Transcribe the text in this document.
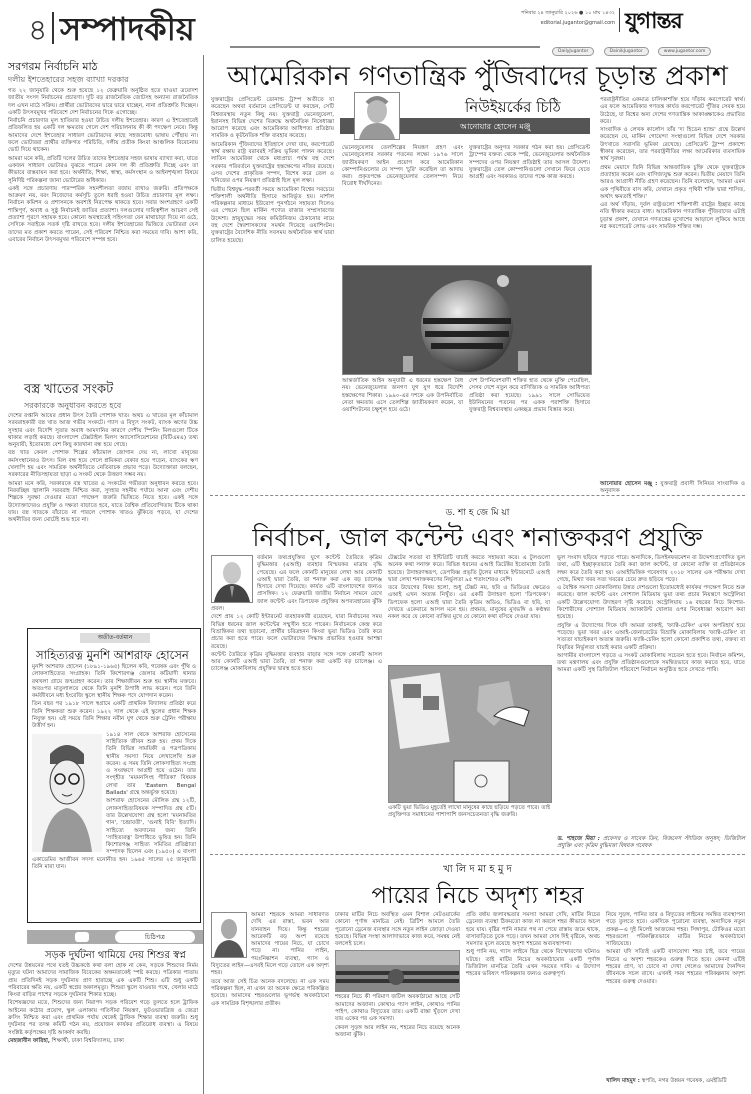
৪ সম্পাদকীয়	শনিবার ২৪ জানুয়ারি ২০২৬ ● ১০ মাঘ ১৪৩২
editorial.jugantor@gmail.com যুগান্তর
DailyJugantor	DainikJugantor	www.jugantor.com
সরগরম নির্বাচনি মাঠ
দলীয় ইশতেহারের সহজ ব্যাখ্যা দরকার

গত ২২ জানুয়ারি থেকে শুরু হয়েছে ১২ ফেব্রুয়ারি অনুষ্ঠিত হতে যাওয়া ত্রয়োদশ জাতীয় সংসদ নির্বাচনের প্রচারণা। দুটি বড় রাজনৈতিক জোটসহ অন্যান্য রাজনৈতিক দল এখন মাঠে সক্রিয়। প্রার্থীরা ভোটারদের দ্বারে দ্বারে যাচ্ছেন, নানা প্রতিশ্রুতি দিচ্ছেন। একটি উৎসবমুখর পরিবেশে দেশ নির্বাচনের দিকে এগোচ্ছে।

নির্বাচনি প্রচারণার মূল হাতিয়ার হওয়া উচিত দলীয় ইশতেহার। কারণ এ ইশতেহারেই প্রতিফলিত হয় একটি দল ক্ষমতায় গেলে দেশ পরিচালনায় কী কী পদক্ষেপ নেবে। কিন্তু আমাদের দেশে ইশতেহার সাধারণ ভোটারদের কাছে সহজবোধ্য ভাষায় পৌঁছায় না। ফলে ভোটাররা প্রার্থীর ব্যক্তিগত পরিচিতি, দলীয় প্রতীক কিংবা আঞ্চলিক বিবেচনায় ভোট দিয়ে থাকেন।

আমরা মনে করি, প্রতিটি দলের উচিত তাদের ইশতেহার সহজ ভাষায় ব্যাখ্যা করা, যাতে একজন সাধারণ ভোটারও বুঝতে পারেন কোন দল কী প্রতিশ্রুতি দিচ্ছে এবং তা কীভাবে বাস্তবায়ন করা হবে। অর্থনীতি, শিক্ষা, স্বাস্থ্য, কর্মসংস্থান ও আইনশৃঙ্খলা বিষয়ে সুনির্দিষ্ট পরিকল্পনা জানা ভোটারের অধিকার।

একই সঙ্গে প্রচারণায় পারস্পরিক সহনশীলতা বজায় রাখাও জরুরি। প্রতিপক্ষকে আক্রমণ নয়, বরং নিজেদের কর্মসূচি তুলে ধরাই হওয়া উচিত প্রচারণার মূল লক্ষ্য। নির্বাচন কমিশন ও প্রশাসনকে অবশ্যই নিরপেক্ষ থাকতে হবে। সবার অংশগ্রহণে একটি শান্তিপূর্ণ, অবাধ ও সুষ্ঠু নির্বাচনই জাতির প্রত্যাশা। দলগুলোর দায়িত্বশীল আচরণ সেই প্রত্যাশা পূরণে সহায়ক হবে। কোনো অবস্থাতেই সহিংসতা যেন মাথাচাড়া দিয়ে না ওঠে, সেদিকে সবাইকে সতর্ক দৃষ্টি রাখতে হবে। দলীয় ইশতেহারের ভিত্তিতে ভোটাররা যেন তাদের মত প্রকাশ করতে পারেন, সেই পরিবেশ নিশ্চিত করা সময়ের দাবি। আশা করি, এবারের নির্বাচন উৎসবমুখর পরিবেশে সম্পন্ন হবে।

বস্ত্র খাতের সংকট
সরকারকে অনুধাবন করতে হবে

দেশের রপ্তানি আয়ের প্রধান উৎস তৈরি পোশাক খাত। অথচ এ খাতের মূল কাঁচামাল সরবরাহকারী বস্ত্র খাত আজ গভীর সংকটে। গ্যাস ও বিদ্যুৎ সংকট, ব্যাংক ঋণের উচ্চ সুদহার এবং বিদেশি সুতার অবাধ আমদানির কারণে দেশীয় স্পিনিং মিলগুলো টিকে থাকার লড়াই করছে। বাংলাদেশ টেক্সটাইল মিলস অ্যাসোসিয়েশনের (বিটিএমএ) তথ্য অনুযায়ী, ইতোমধ্যে বেশ কিছু কারখানা বন্ধ হয়ে গেছে।

বস্ত্র খাত কেবল পোশাক শিল্পের কাঁচামাল জোগান দেয় না, লাখো মানুষের কর্মসংস্থানেরও উৎস। মিল বন্ধ হয়ে গেলে শ্রমিকরা বেকার হয়ে পড়েন, ব্যাংকের ঋণ খেলাপি হয় এবং সামগ্রিক অর্থনীতিতে নেতিবাচক প্রভাব পড়ে। উদ্যোক্তারা বলছেন, সরকারের নীতিসহায়তা ছাড়া এ সংকট থেকে উত্তরণ সম্ভব নয়।

আমরা মনে করি, সরকারকে বস্ত্র খাতের এ সংকটের গভীরতা অনুধাবন করতে হবে। নিরবচ্ছিন্ন জ্বালানি সরবরাহ নিশ্চিত করা, সুদহার সহনীয় পর্যায়ে আনা এবং দেশীয় শিল্পকে সুরক্ষা দেওয়ার মতো পদক্ষেপ জরুরি ভিত্তিতে নিতে হবে। একই সঙ্গে উদ্যোক্তাদেরও প্রযুক্তি ও দক্ষতা বাড়াতে হবে, যাতে বৈশ্বিক প্রতিযোগিতায় টিকে থাকা যায়। বস্ত্র খাতকে বাঁচাতে না পারলে পোশাক খাতও ঝুঁকিতে পড়বে, যা দেশের অর্থনীতির জন্য মোটেই শুভ হবে না।

অতীত-বর্তমান
সাহিত্যরত্ন মুনশি আশরাফ হোসেন

মুনশি আশরাফ হোসেন (১৮৯১-১৯৬৫) ছিলেন কবি, গবেষক এবং পুঁথি ও লোকসাহিত্যের সংগ্রাহক। তিনি কিশোরগঞ্জ জেলার কটিয়াদী থানার রথখলা গ্রামে জন্মগ্রহণ করেন। তার শিক্ষাজীবন শুরু হয় স্থানীয় মক্তবে। অতঃপর মাতুলালয়ে থেকে তিনি মুনশি উপাধি লাভ করেন। পরে তিনি কর্মজীবনে মধ্য ইংরেজি স্কুলে স্থানীয় শিক্ষক পদে যোগদান করেন।

তিন বছর পর ১৯১৮ সালে স্বগ্রামে একটি প্রাথমিক বিদ্যালয় প্রতিষ্ঠা করে তিনি শিক্ষকতা শুরু করেন। ১৯২২ সাল থেকে এই স্কুলের প্রধান শিক্ষক নিযুক্ত হন। এই সময়ে তিনি শিক্ষার নবীন যুগ থেকে শুরু ট্রেনিং পরীক্ষায় উত্তীর্ণ হন।

১৯১৪ সাল থেকে আশরাফ হোসেনের সাহিত্যিক জীবন শুরু হয়। প্রথম দিকে তিনি বিভিন্ন সাময়িকী ও পত্রপত্রিকায় স্থানীয় সমস্যা নিয়ে লেখালেখি শুরু করেন। এ সময় তিনি লোকসাহিত্য সংগ্রহ ও সংরক্ষণে আগ্রহী হয়ে ওঠেন। তার সংগৃহীত 'ময়মনসিংহ গীতিকা' বিষয়ক লেখা তার 'Eastern Bengal Ballads' গ্রন্থে অন্তর্ভুক্ত হয়েছে।

আশরাফ হোসেনের মৌলিক গ্রন্থ ১২টি, লোকসাহিত্যবিষয়ক সম্পাদিত গ্রন্থ ৫টি। তার উল্লেখযোগ্য গ্রন্থ হলো 'ময়নামতির গান', 'চন্দ্রাবতী', 'গুনাই বিবি' ইত্যাদি। সাহিত্যে অবদানের জন্য তিনি 'সাহিত্যরত্ন' উপাধিতে ভূষিত হন। তিনি কিশোরগঞ্জ সাহিত্য সমিতির প্রতিষ্ঠাতা সম্পাদক ছিলেন এবং (১৯৫০) এ বাংলা একাডেমির আজীবন সদস্য মনোনীত হন। ১৯৬৫ সালের ২৫ জানুয়ারি তিনি মারা যান।

চিঠিপত্র
সড়ক দুর্ঘটনা থামিয়ে দেয় শিশুর স্বপ্ন

দেশের উন্নয়নের পথে যতই উচ্চকণ্ঠে কথা বলা হোক না কেন, সড়কে শিশুদের নির্মম মৃত্যুর ঘটনা আমাদের সামাজিক বিবেকের অক্ষমতাকেই স্পষ্ট করছে। পত্রিকার পাতায় প্রায় প্রতিদিনই সড়ক দুর্ঘটনায় প্রাণ হারাচ্ছে এক একটি শিশু। এটি শুধু একটি পরিবারের ক্ষতি নয়, একটি স্বপ্নের অকালমৃত্যু। শিশুরা স্কুলে যাওয়ার পথে, খেলার মাঠে কিংবা বাড়ির পাশের সড়কে দুর্ঘটনার শিকার হচ্ছে।

বিশেষজ্ঞদের মতে, শিশুদের জন্য নিরাপদ সড়ক পরিবেশ গড়ে তুলতে হলে ট্রাফিক আইনের কঠোর প্রয়োগ, স্কুল এলাকায় গতিসীমা নিয়ন্ত্রণ, ফুটওভারব্রিজ ও জেব্রা ক্রসিং নিশ্চিত করা এবং প্রাথমিক পর্যায় থেকেই ট্রাফিক শিক্ষার ব্যবস্থা জরুরি। শুধু দুর্ঘটনার পর তদন্ত কমিটি গঠন নয়, প্রয়োজন কার্যকর প্রতিরোধ ব্যবস্থা। এ বিষয়ে সংশ্লিষ্ট কর্তৃপক্ষের দৃষ্টি আকর্ষণ করছি।

মেহজাবীন ফারিহা, শিক্ষার্থী, ঢাকা বিশ্ববিদ্যালয়, ঢাকা

আমেরিকান গণতান্ত্রিক পুঁজিবাদের চূড়ান্ত প্রকাশ

যুক্তরাষ্ট্রের প্রেসিডেন্ট ডোনাল্ড ট্রাম্প অতীতে যা করেছেন অথবা বর্তমানে প্রেসিডেন্ট যা করছেন, সেটি বিশ্বব্যবস্থায় নতুন কিছু নয়। যুক্তরাষ্ট্র ভেনেজুয়েলা, ইরানসহ বিভিন্ন দেশের বিরুদ্ধে অর্থনৈতিক নিষেধাজ্ঞা আরোপ করেছে এবং আমেরিকার আধিপত্য প্রতিষ্ঠায় সামরিক ও কূটনৈতিক শক্তি ব্যবহার করেছে।

আমেরিকান পুঁজিবাদের ইতিহাসে দেখা যায়, করপোরেট স্বার্থ রক্ষায় রাষ্ট্র বরাবরই সক্রিয় ভূমিকা পালন করেছে। লাতিন আমেরিকা থেকে মধ্যপ্রাচ্য পর্যন্ত বহু দেশে সরকার পরিবর্তনে যুক্তরাষ্ট্রের হস্তক্ষেপের নজির রয়েছে। এসব দেশের প্রাকৃতিক সম্পদ, বিশেষ করে তেল ও খনিজের ওপর নিয়ন্ত্রণ প্রতিষ্ঠাই ছিল মূল লক্ষ্য।

দ্বিতীয় বিশ্বযুদ্ধ-পরবর্তী সময়ে আমেরিকা বিশ্বের সবচেয়ে শক্তিশালী অর্থনীতি হিসাবে আবির্ভূত হয়। মার্শাল পরিকল্পনার মাধ্যমে ইউরোপ পুনর্গঠনে সহায়তা দিলেও এর পেছনে ছিল মার্কিন পণ্যের বাজার সম্প্রসারণের উদ্দেশ্য। স্নায়ুযুদ্ধের সময় কমিউনিজম ঠেকানোর নামে বহু দেশে স্বৈরশাসকদের সমর্থন দিয়েছে ওয়াশিংটন। যুক্তরাষ্ট্রের বৈদেশিক নীতি সবসময় অর্থনৈতিক স্বার্থ দ্বারা চালিত হয়েছে।

আনোয়ার হোসেন মঞ্জু
নিউইয়র্কের চিঠি

ভেনেজুয়েলার তেলশিল্পের নিয়ন্ত্রণ গ্রহণ এবং ভেনেজুয়েলার সরকার পতনের লক্ষ্যে ১৯৭৬ সালে জাতীয়করণ আইন প্রয়োগ করে আমেরিকান কোম্পানিগুলোর যে সম্পদ 'চুরি' করেছিল তা আদায় করা। প্রকৃতপক্ষে ভেনেজুয়েলার তেলসম্পদ নিয়ে বিরোধ দীর্ঘদিনের।

যুক্তরাষ্ট্রের অনুগত সরকার গঠন করা হয়। প্রেসিডেন্ট ট্রাম্পের বক্তব্য থেকে স্পষ্ট, ভেনেজুয়েলার অর্থনৈতিক সম্পদের ওপর নিয়ন্ত্রণ প্রতিষ্ঠাই তার আসল উদ্দেশ্য। যুক্তরাষ্ট্রের তেল কোম্পানিগুলো সেখানে ফিরে যেতে আগ্রহী এবং সরকারও তাদের পক্ষে কাজ করছে।

আন্তর্জাতিক আইন অনুযায়ী এ ধরনের হস্তক্ষেপ বৈধ নয়। ভেনেজুয়েলার জনগণ যুগ যুগ ধরে বিদেশি হস্তক্ষেপের শিকার। ১৯৯০-এর দশকে এক উপনির্বাচিত নেতা ক্ষমতায় এসে তেলশিল্প জাতীয়করণ করেন, যা ওয়াশিংটনের চক্ষুশূল হয়ে ওঠে।

দেশ উপনিবেশবাদী শক্তির হাত থেকে মুক্তি পেয়েছিল, সেসব দেশে নতুন করে বাণিজ্যিক ও সামরিক আধিপত্য প্রতিষ্ঠা করা হয়েছে। ১৯৯১ সালে সোভিয়েত ইউনিয়নের পতনের পর একক পরাশক্তি হিসাবে যুক্তরাষ্ট্র বিশ্বব্যবস্থায় একচ্ছত্র প্রভাব বিস্তার করে।

পররাষ্ট্রনীতির একমাত্র চালিকাশক্তি হয়ে দাঁড়ায় করপোরেট স্বার্থ। এর ফলে আমেরিকার গণতন্ত্র কার্যত করপোরেট পুঁজির সেবক হয়ে উঠেছে, যা বিশ্বের অন্য দেশের গণতান্ত্রিক আকাঙ্ক্ষাকেও প্রভাবিত করে।

সাংবাদিক ও লেখক কার্লোস তাঁর 'দ্য হিডেন হ্যান্ড' গ্রন্থে উল্লেখ করেছেন যে, মার্কিন গোয়েন্দা সংস্থাগুলো বিভিন্ন দেশে সরকার উৎখাতে সরাসরি ভূমিকা রেখেছে। প্রেসিডেন্ট ট্রাম্প প্রকাশ্যে স্বীকার করেছেন, তার পররাষ্ট্রনীতির লক্ষ্য আমেরিকার ব্যবসায়িক স্বার্থ সুরক্ষা।

প্রথম মেয়াদে তিনি বিভিন্ন আন্তর্জাতিক চুক্তি থেকে যুক্তরাষ্ট্রকে প্রত্যাহার করেন এবং বাণিজ্যযুদ্ধ শুরু করেন। দ্বিতীয় মেয়াদে তিনি আরও আগ্রাসী নীতি গ্রহণ করেছেন। তিনি বলেছেন, 'আমরা এমন এক পৃথিবীতে বাস করি, যেখানে প্রকৃত পৃথিবী শক্তি দ্বারা শাসিত, অর্থাৎ ক্ষমতাই শক্তি।'

এর অর্থ দাঁড়ায়, দুর্বল রাষ্ট্রগুলো শক্তিশালী রাষ্ট্রের ইচ্ছার কাছে নতি স্বীকার করতে বাধ্য। আমেরিকান গণতান্ত্রিক পুঁজিবাদের এটাই চূড়ান্ত প্রকাশ, যেখানে গণতন্ত্রের মুখোশের আড়ালে লুকিয়ে আছে নগ্ন করপোরেট লোভ এবং সামরিক শক্তির দম্ভ।

আনোয়ার হোসেন মঞ্জু : যুক্তরাষ্ট্র প্রবাসী সিনিয়র সাংবাদিক ও অনুবাদক
ড. শা হ জে মি য়া
নির্বাচন, জাল কন্টেন্ট এবং শনাক্তকরণ প্রযুক্তি

বর্তমান তথ্যপ্রযুক্তির যুগে কন্টেন্ট তৈরিতে কৃত্রিম বুদ্ধিমত্তার (এআই) ব্যবহার বিস্ময়কর মাত্রায় বৃদ্ধি পেয়েছে। এর ফলে কোনটি মানুষের লেখা আর কোনটি এআই দ্বারা তৈরি, তা শনাক্ত করা এক বড় চ্যালেঞ্জ হিসাবে দেখা দিয়েছে। কার্যত এটি বাংলাদেশের জন্যও প্রাসঙ্গিক। ১২ ফেব্রুয়ারি জাতীয় নির্বাচন সামনে রেখে জাল কন্টেন্ট এবং ডিপফেক প্রযুক্তির অপব্যবহারের ঝুঁকি প্রবল।

দেশে প্রায় ১২ কোটি ইন্টারনেট ব্যবহারকারী রয়েছেন, যারা নির্বাচনের সময় বিভিন্ন ধরনের জাল কন্টেন্টের সম্মুখীন হতে পারেন। নির্বাচনকে কেন্দ্র করে বিভ্রান্তিকর তথ্য ছড়ানো, প্রার্থীর চরিত্রহনন কিংবা ভুয়া ভিডিও তৈরি করে প্রচার করা হতে পারে। ফলে ভোটারদের সিদ্ধান্ত প্রভাবিত হওয়ার আশঙ্কা রয়েছে।

কন্টেন্ট তৈরিতে কৃত্রিম বুদ্ধিমত্তার ব্যবহার বাড়ার সঙ্গে সঙ্গে কোনটি আসল আর কোনটি এআই দ্বারা তৈরি, তা শনাক্ত করা একটি বড় চ্যালেঞ্জ। এ চ্যালেঞ্জ মোকাবিলায় প্রযুক্তির দ্বারস্থ হতে হবে।

টেক্সটের সততা বা ইন্টিগ্রিটি যাচাই করতে সহায়তা করে। এ টুলগুলো অনেক কথা সনাক্ত করে। বিভিন্ন ধরনের এআই ডিটেক্টর ইতোমধ্যে তৈরি হয়েছে। উদাহরণস্বরূপ, ডেপফিক্স প্রভৃতি টুলের মাধ্যমে ইন্টারনেটে এআই দ্বারা লেখা শনাক্তকরণের নির্ভুলতা ৯৫ শতাংশেরও বেশি।

তবে উদ্বেগের বিষয় হলো, শুধু টেক্সট নয়, ছবি ও ভিডিওর ক্ষেত্রেও এআই এখন অত্যন্ত নিখুঁত। এর একটি উদাহরণ হলো 'ডিপফেক'। ডিপফেক হলো এআই দ্বারা তৈরি কৃত্রিম অডিও, ভিডিও বা ছবি, যা দেখতে একেবারে আসল মনে হয়। প্রথমত, মানুষের মুখভঙ্গি ও কণ্ঠস্বর নকল করে যে কোনো ব্যক্তির মুখে যে কোনো কথা বসিয়ে দেওয়া যায়।

একটি ভুয়া ভিডিও মুহূর্তেই লাখো মানুষের কাছে ছড়িয়ে পড়তে পারে। তাই প্রযুক্তিগত সমাধানের পাশাপাশি জনসচেতনতা বৃদ্ধি জরুরি।

ভুল সংবাদ ছড়িয়ে পড়তে পারে। অন্যদিকে, ডিসইনফরমেশন বা উদ্দেশ্যপ্রণোদিত ভুল তথ্য, এটি ইচ্ছাকৃতভাবে তৈরি করা জাল কন্টেন্ট, যা কোনো ব্যক্তি বা প্রতিষ্ঠানকে লক্ষ্য করে তৈরি করা হয়। এআইভিত্তিক গবেষণায় ২০১৮ সালের এক পরীক্ষায় দেখা গেছে, মিথ্যা খবর সত্য খবরের চেয়ে দ্রুত ছড়িয়ে পড়ে।

এ বৈশ্বিক সমস্যা মোকাবিলায় উন্নত দেশগুলো ইতোমধ্যেই কার্যকর পদক্ষেপ নিতে শুরু করেছে। জাল কন্টেন্ট এবং সোশ্যাল মিডিয়ায় ভুয়া তথ্য প্রচার নিয়ন্ত্রণে অস্ট্রেলিয়া একটি উল্লেখযোগ্য উদাহরণ সৃষ্টি করেছে। অস্ট্রেলিয়ায় ১৬ বছরের নিচে কিশোর-কিশোরীদের সোশ্যাল মিডিয়ায় অ্যাকাউন্ট খোলার ওপর নিষেধাজ্ঞা আরোপ করা হয়েছে।

প্রযুক্তি এ উদ্যোগের দিকে যদি আমরা তাকাই, 'ফ্যাক্ট-চেকিং' এখন অপরিহার্য হয়ে পড়েছে। ভুয়া খবর এবং এআই-জেনারেটেড বিভ্রান্তি মোকাবিলায় 'ফ্যাক্ট-চেকিং' বা সত্যতা যাচাইকরণ অত্যন্ত জরুরি। ফ্যাক্ট-চেকিং হলো কোনো প্রকাশিত তথ্য, বক্তব্য বা বিবৃতির নির্ভুলতা যাচাই করার একটি প্রক্রিয়া।

আগামীর বাংলাদেশ গড়তে এ সংকট মোকাবিলায় সচেতন হতে হবে। নির্বাচন কমিশন, তথ্য মন্ত্রণালয় এবং প্রযুক্তি প্রতিষ্ঠানগুলোকে সমন্বিতভাবে কাজ করতে হবে, যাতে আমরা একটি সুস্থ ডিজিটাল পরিবেশে নির্বাচন অনুষ্ঠিত হতে দেখতে পারি।

ড. শাহজে মিয়া : প্রফেসর ও সাবেক ডিন, বিজনেস স্টাডিজ অনুষদ; ডিজিটাল প্রযুক্তি এবং কৃত্রিম বুদ্ধিমত্তা বিষয়ক গবেষক
খা লি দ মা হ মু দ
পায়ের নিচে অদৃশ্য শহর

আমরা শহরকে আমরা সাধারণত দেখি এর রাস্তা, ভবন আর যানবাহন দিয়ে। কিন্তু শহরের আরেকটি বড় অংশ রয়েছে আমাদের পায়ের নিচে, যা চোখে পড়ে না। পানির লাইন, পয়ঃনিষ্কাশন ব্যবস্থা, গ্যাস ও বিদ্যুতের লাইন—এসবই মিলে গড়ে তোলে এক অদৃশ্য শহর।

তবে আজ সেই চিত্র অনেক বদলেছে। না এক সময় পরিকল্পনা ছিল, না এখন তা অনেক ক্ষেত্রে পরিকল্পিত হয়েছে। আমাদের শহরগুলোর ভূগর্ভস্থ অবকাঠামো এক সামগ্রিক বিশৃঙ্খলার প্রতীক।

ঢাকার মাটির নিচে অবস্থিত এমন বিশাল নেটওয়ার্কের কোনো পূর্ণাঙ্গ মানচিত্র নেই। ব্রিটিশ আমলে তৈরি পুরোনো ড্রেনেজ ব্যবস্থার সঙ্গে নতুন লাইন জোড়া দেওয়া হয়েছে। বিভিন্ন সংস্থা আলাদাভাবে কাজ করে, সমন্বয় নেই বললেই চলে।

শহরের নিচে কী পরিমাণ জটিল অবকাঠামো আছে সেটি আমাদের অজানা। কোথাও গ্যাস লাইন, কোথাও পানির পাইপ, কোথাও বিদ্যুতের তার। একটি রাস্তা খুঁড়লে দেখা যায় একের পর এক সমস্যা।

কেবল সুড়ঙ্গ আর লাইন নয়, শহরের নিচে রয়েছে অনেক অজানা ঝুঁকি।

প্রতি বর্ষায় জলাবদ্ধতার সমস্যা আমরা দেখি, মাটির নিচের ড্রেনেজ ব্যবস্থা ঠিকমতো কাজ না করলে শহর কীভাবে অচল হয়ে যায়। বৃষ্টির পানি নামার পথ না পেয়ে রাস্তায় জমে থাকে, বাসাবাড়িতে ঢুকে পড়ে। তখন আমরা দোষ দিই বৃষ্টিকে, অথচ সমস্যার মূলে রয়েছে অদৃশ্য শহরের অব্যবস্থাপনা।

শুধু পানি নয়, গ্যাস লাইনে ছিদ্র থেকে বিস্ফোরণের ঘটনাও ঘটছে। তাই মাটির নিচের অবকাঠামোর একটি পূর্ণাঙ্গ ডিজিটাল মানচিত্র তৈরি এখন সময়ের দাবি। এ উদ্যোগ শহরের ভবিষ্যৎ পরিকল্পনার জন্যও গুরুত্বপূর্ণ।

নিয়ে সুড়ঙ্গ, পানির তার ও বিদ্যুতের লাইনের সমন্বিত ব্যবস্থাপনা গড়ে তুলতে হবে। একদিকে পুরোনো ব্যবস্থা, অন্যদিকে নতুন প্রকল্প—এ দুই মিলেই আজকের শহর। সিঙ্গাপুর, টোকিওর মতো শহরগুলো পরিকল্পিতভাবে মাটির নিচের অবকাঠামো সাজিয়েছে।

আমরা যদি সত্যিই একটি বাসযোগ্য শহর চাই, তবে পায়ের নিচের এ অদৃশ্য শহরকেও গুরুত্ব দিতে হবে। কেননা এটিই শহরের প্রাণ, যা চোখে না দেখা গেলেও আমাদের দৈনন্দিন জীবনকে সচল রাখে। এখনই সময় শহরের পরিকল্পনায় অদৃশ্য শহরের গুরুত্ব দেওয়ার।

খালিদ মাহমুদ : স্থপতি, নগর উন্নয়ন গবেষক, এমইডিটি
